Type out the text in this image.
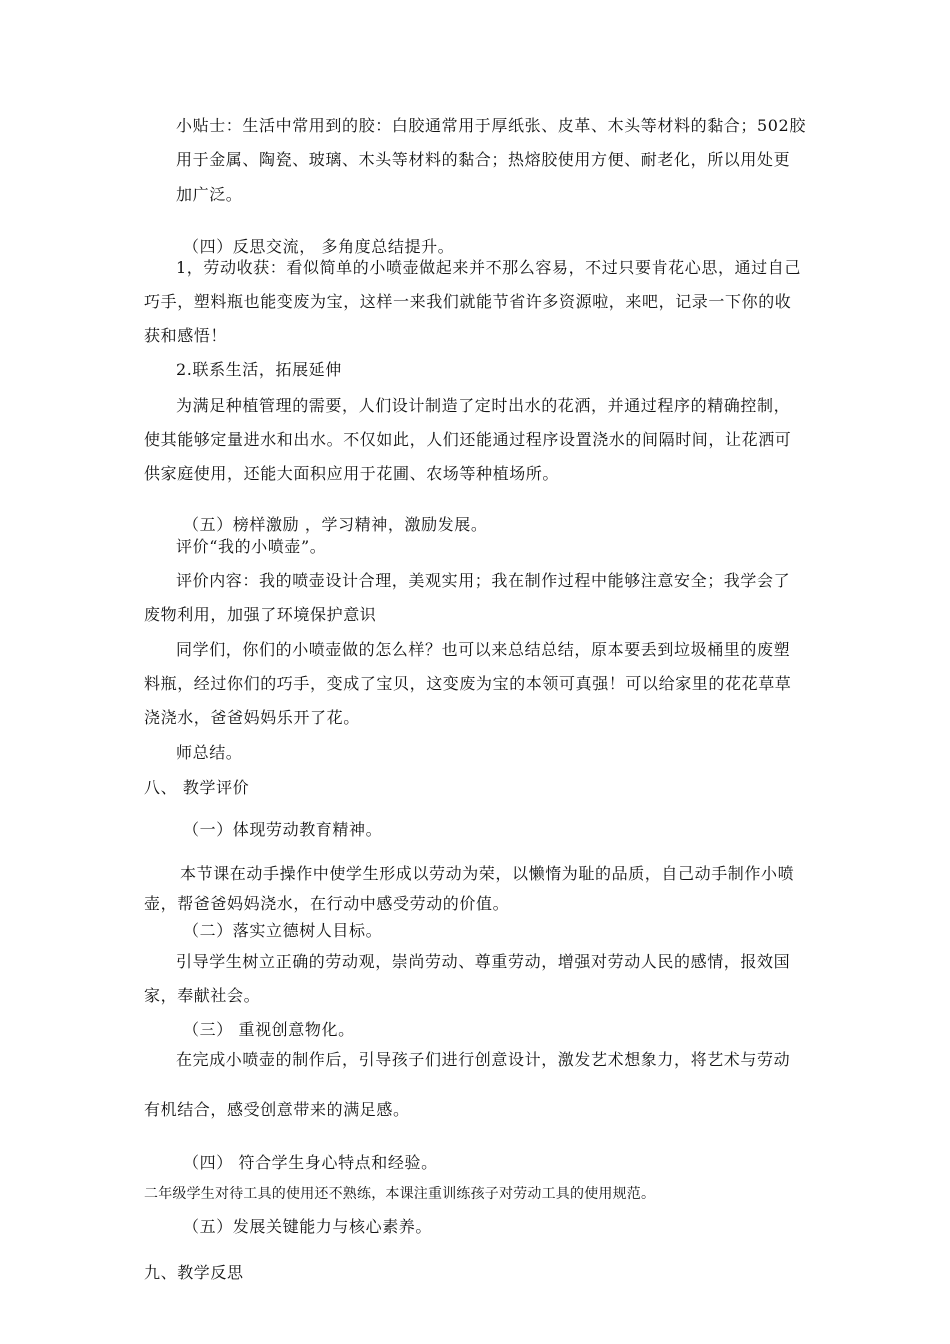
小贴士：生活中常用到的胶：白胶通常用于厚纸张、皮革、木头等材料的黏合；502胶
用于金属、陶瓷、玻璃、木头等材料的黏合；热熔胶使用方便、耐老化，所以用处更
加广泛。
（四）反思交流， 多角度总结提升。
1，劳动收获：看似简单的小喷壶做起来并不那么容易，不过只要肯花心思，通过自己
巧手，塑料瓶也能变废为宝，这样一来我们就能节省许多资源啦，来吧，记录一下你的收
获和感悟！
2.联系生活，拓展延伸
为满足种植管理的需要，人们设计制造了定时出水的花洒，并通过程序的精确控制，
使其能够定量进水和出水。不仅如此，人们还能通过程序设置浇水的间隔时间，让花洒可
供家庭使用，还能大面积应用于花圃、农场等种植场所。
（五）榜样激励 ，学习精神，激励发展。
评价“我的小喷壶”。
评价内容：我的喷壶设计合理，美观实用；我在制作过程中能够注意安全；我学会了
废物利用，加强了环境保护意识
同学们，你们的小喷壶做的怎么样？也可以来总结总结，原本要丢到垃圾桶里的废塑
料瓶，经过你们的巧手，变成了宝贝，这变废为宝的本领可真强！可以给家里的花花草草
浇浇水，爸爸妈妈乐开了花。
师总结。
八、 教学评价
（一）体现劳动教育精神。
本节课在动手操作中使学生形成以劳动为荣，以懒惰为耻的品质，自己动手制作小喷
壶，帮爸爸妈妈浇水，在行动中感受劳动的价值。
（二）落实立德树人目标。
引导学生树立正确的劳动观，崇尚劳动、尊重劳动，增强对劳动人民的感情，报效国
家，奉献社会。
（三） 重视创意物化。
在完成小喷壶的制作后，引导孩子们进行创意设计，激发艺术想象力，将艺术与劳动
有机结合，感受创意带来的满足感。
（四） 符合学生身心特点和经验。
二年级学生对待工具的使用还不熟练，本课注重训练孩子对劳动工具的使用规范。
（五）发展关键能力与核心素养。
九、教学反思
